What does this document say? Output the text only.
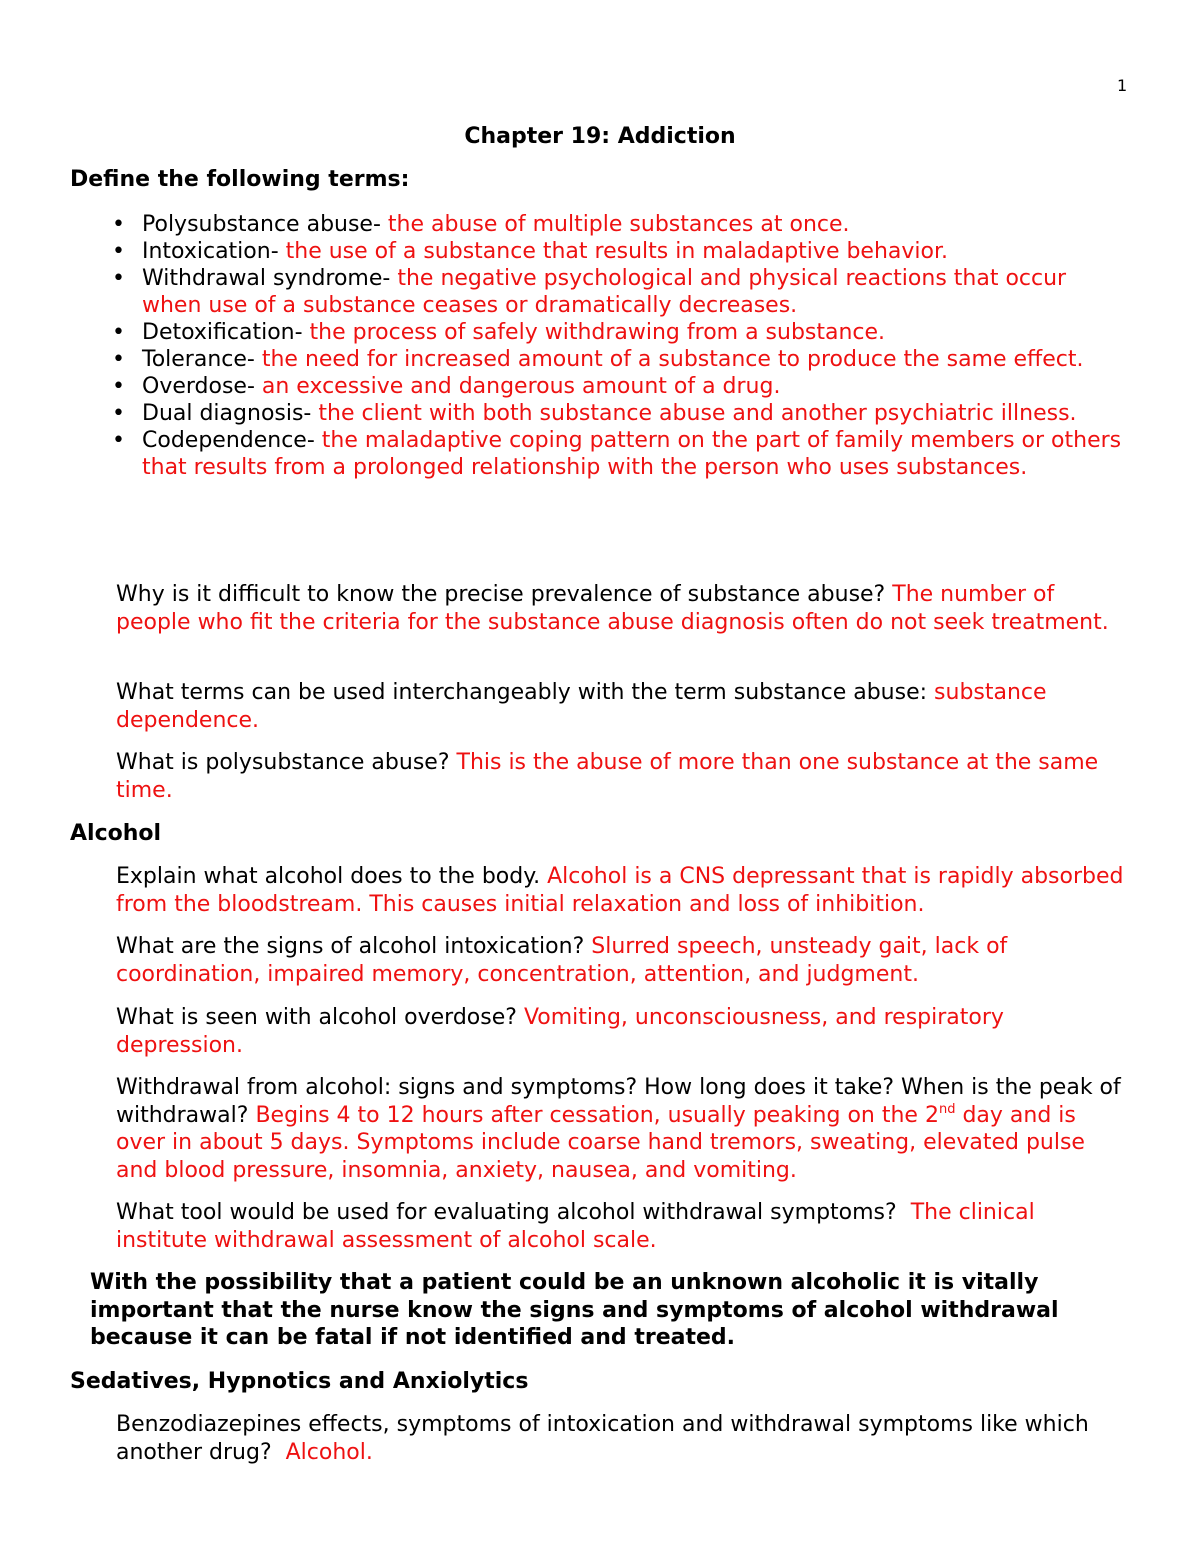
1
Chapter 19: Addiction
Define the following terms:
• Polysubstance abuse- the abuse of multiple substances at once.
• Intoxication- the use of a substance that results in maladaptive behavior.
• Withdrawal syndrome- the negative psychological and physical reactions that occur when use of a substance ceases or dramatically decreases.
• Detoxification- the process of safely withdrawing from a substance.
• Tolerance- the need for increased amount of a substance to produce the same effect.
• Overdose- an excessive and dangerous amount of a drug.
• Dual diagnosis- the client with both substance abuse and another psychiatric illness.
• Codependence- the maladaptive coping pattern on the part of family members or others that results from a prolonged relationship with the person who uses substances.

Why is it difficult to know the precise prevalence of substance abuse? The number of people who fit the criteria for the substance abuse diagnosis often do not seek treatment.

What terms can be used interchangeably with the term substance abuse: substance dependence.

What is polysubstance abuse? This is the abuse of more than one substance at the same time.

Alcohol

Explain what alcohol does to the body. Alcohol is a CNS depressant that is rapidly absorbed from the bloodstream. This causes initial relaxation and loss of inhibition.

What are the signs of alcohol intoxication? Slurred speech, unsteady gait, lack of coordination, impaired memory, concentration, attention, and judgment.

What is seen with alcohol overdose? Vomiting, unconsciousness, and respiratory depression.

Withdrawal from alcohol: signs and symptoms? How long does it take? When is the peak of withdrawal? Begins 4 to 12 hours after cessation, usually peaking on the 2nd day and is over in about 5 days. Symptoms include coarse hand tremors, sweating, elevated pulse and blood pressure, insomnia, anxiety, nausea, and vomiting.

What tool would be used for evaluating alcohol withdrawal symptoms? The clinical institute withdrawal assessment of alcohol scale.

With the possibility that a patient could be an unknown alcoholic it is vitally important that the nurse know the signs and symptoms of alcohol withdrawal because it can be fatal if not identified and treated.

Sedatives, Hypnotics and Anxiolytics

Benzodiazepines effects, symptoms of intoxication and withdrawal symptoms like which another drug? Alcohol.
